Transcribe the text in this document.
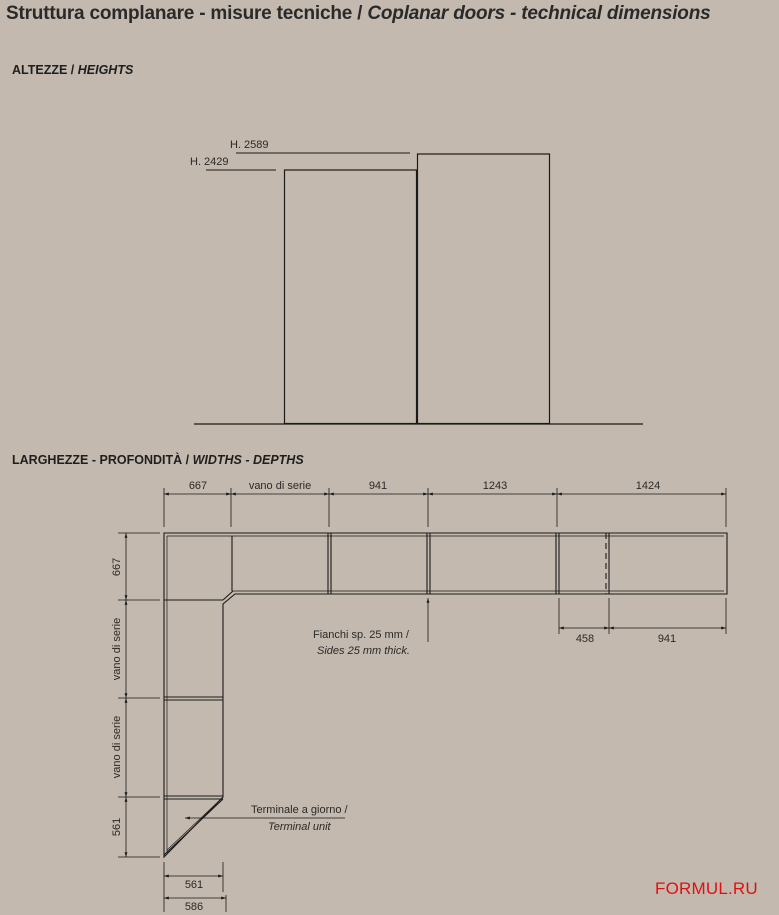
Struttura complanare - misure tecniche / Coplanar doors - technical dimensions
ALTEZZE / HEIGHTS
LARGHEZZE - PROFONDITÀ / WIDTHS - DEPTHS
H. 2589
H. 2429
667	vano di serie	941	1243	1424
458	941
667
vano di serie
vano di serie
561
561
586
Fianchi sp. 25 mm /
Sides 25 mm thick.
Terminale a giorno /
Terminal unit
FORMUL.RU
